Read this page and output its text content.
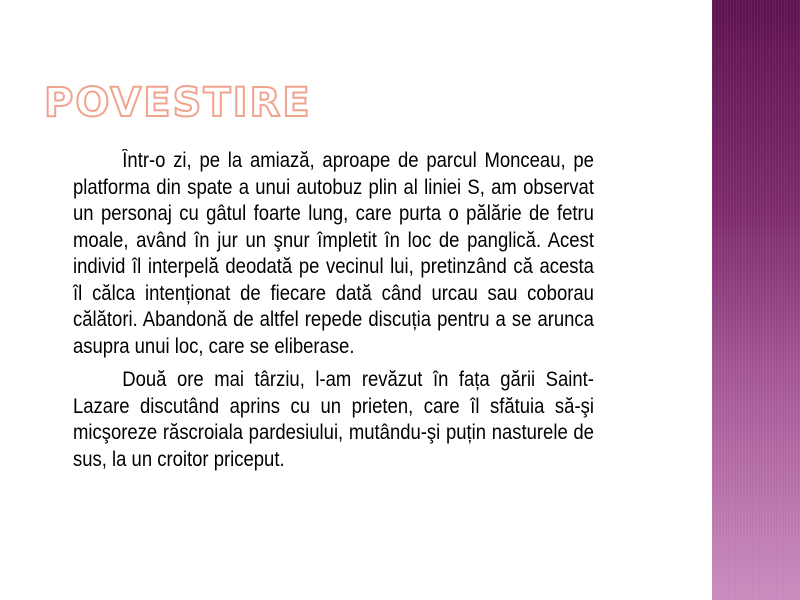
POVESTIRE

Într-o zi, pe la amiază, aproape de parcul Monceau, pe platforma din spate a unui autobuz plin al liniei S, am observat un personaj cu gâtul foarte lung, care purta o pălărie de fetru moale, având în jur un şnur împletit în loc de panglică. Acest individ îl interpelă deodată pe vecinul lui, pretinzând că acesta îl călca intenționat de fiecare dată când urcau sau coborau călători. Abandonă de altfel repede discuția pentru a se arunca asupra unui loc, care se eliberase.

Două ore mai târziu, l-am revăzut în fața gării Saint-Lazare discutând aprins cu un prieten, care îl sfătuia să-şi micşoreze răscroiala pardesiului, mutându-şi puțin nasturele de sus, la un croitor priceput.
